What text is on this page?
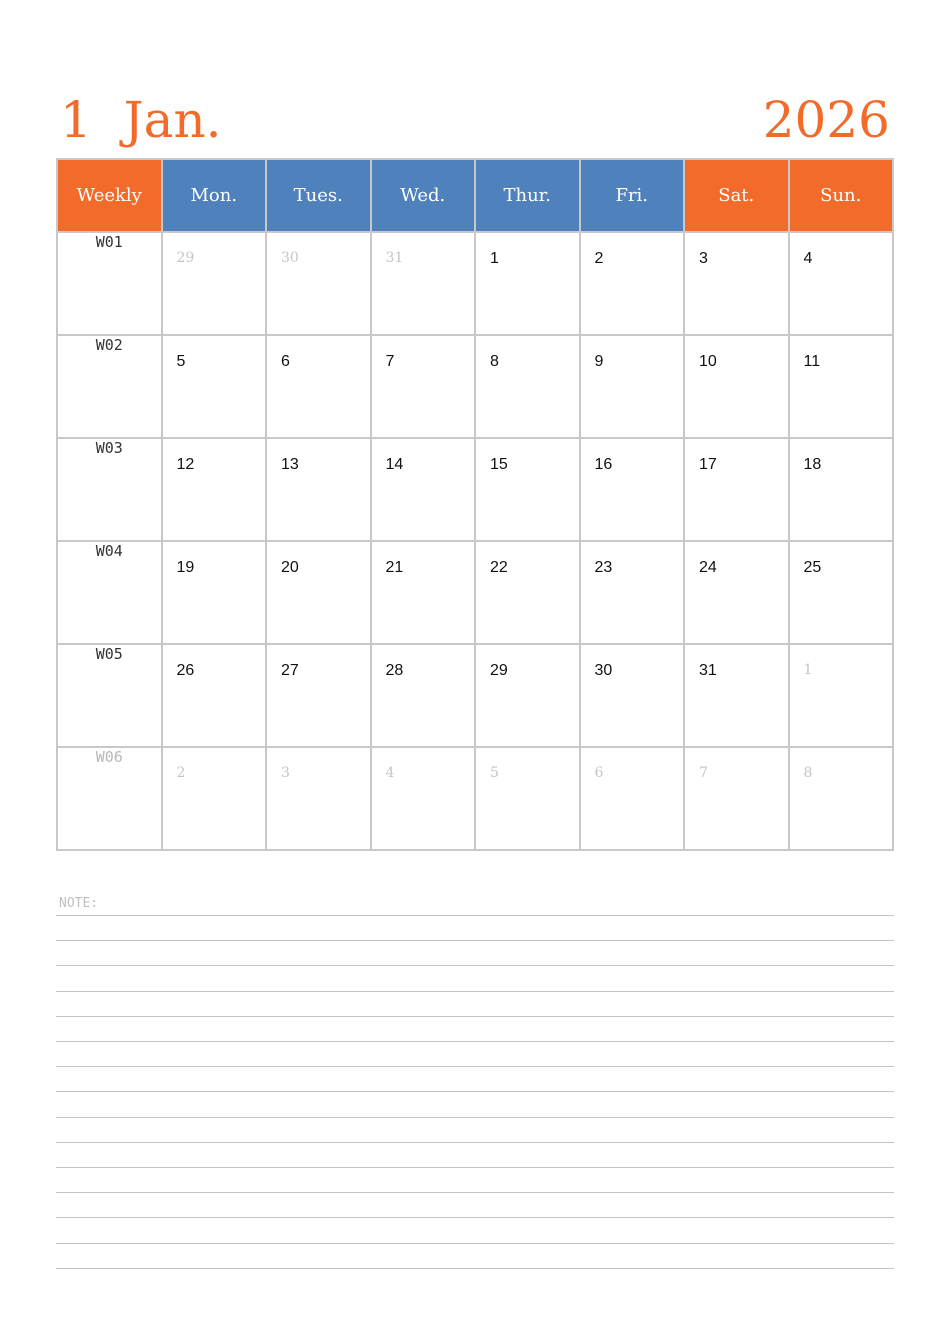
1  Jan.	2026
Weekly	Mon.	Tues.	Wed.	Thur.	Fri.	Sat.	Sun.
W01	29	30	31	1	2	3	4

W02	5	6	7	8	9	10	11

W03	12	13	14	15	16	17	18

W04	19	20	21	22	23	24	25

W05	26	27	28	29	30	31	1

W06	2	3	4	5	6	7	8
NOTE:
